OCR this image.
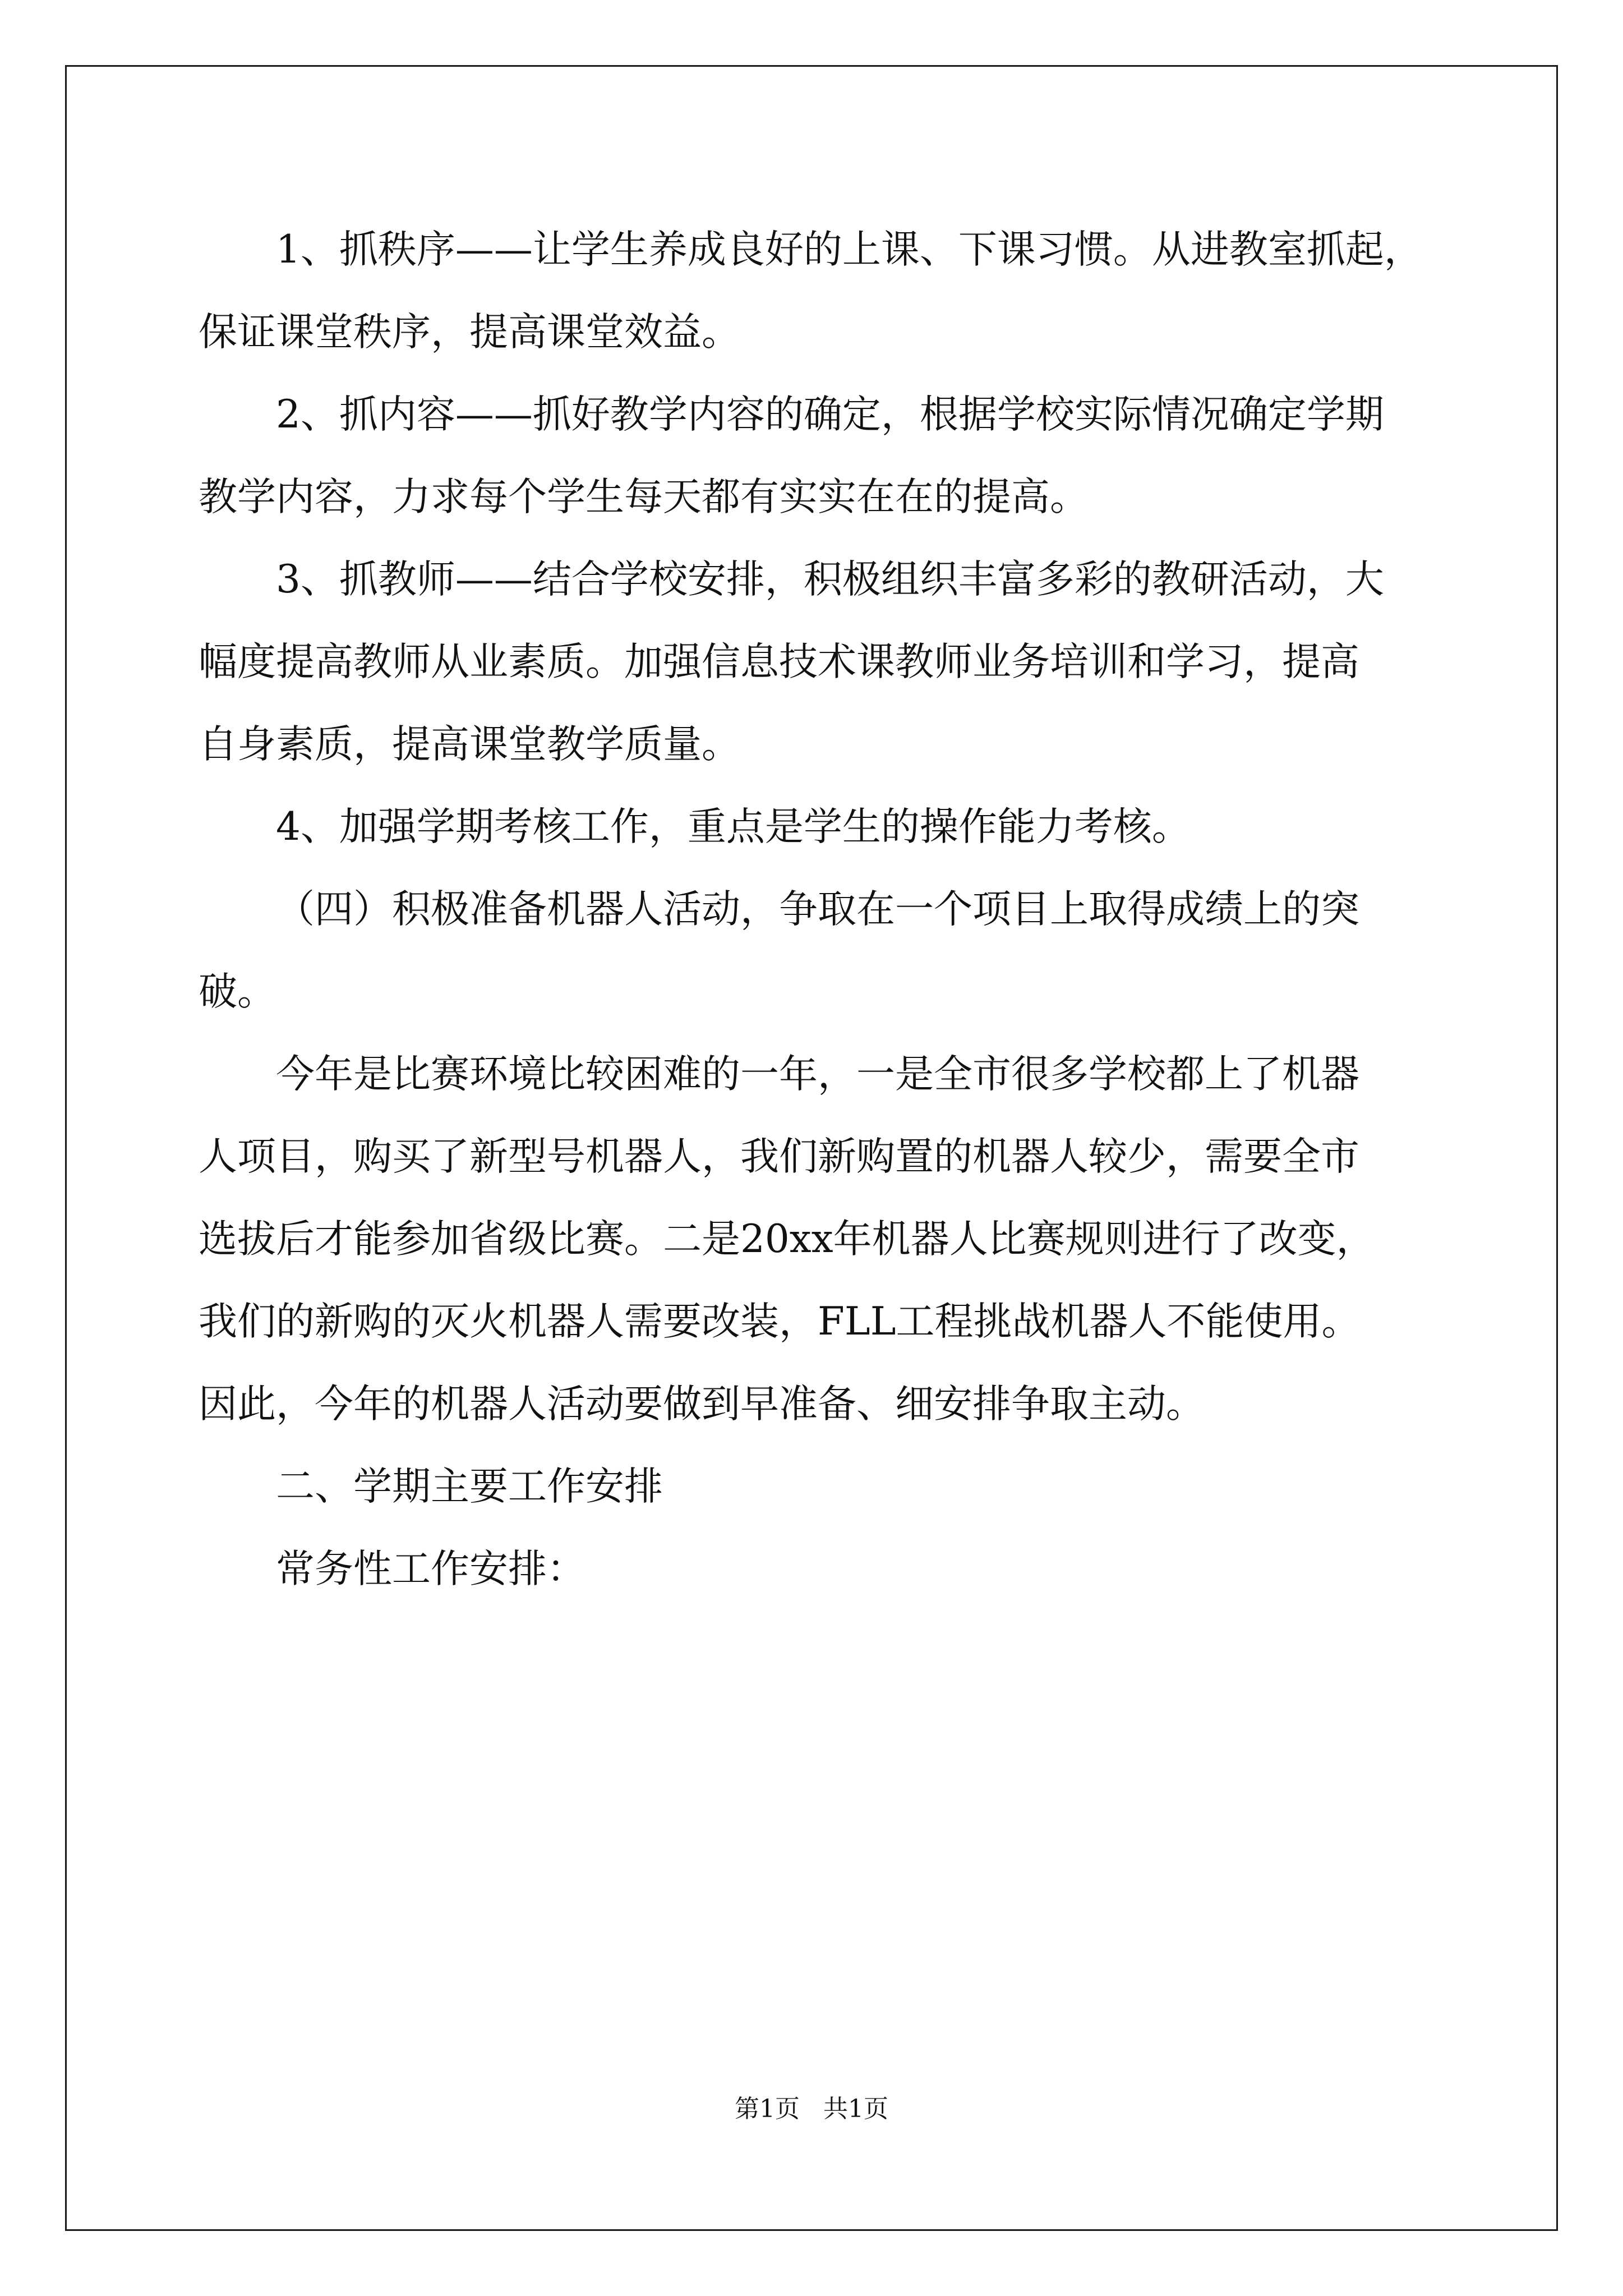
1、抓秩序——让学生养成良好的上课、下课习惯。从进教室抓起，
保证课堂秩序，提高课堂效益。

2、抓内容——抓好教学内容的确定，根据学校实际情况确定学期
教学内容，力求每个学生每天都有实实在在的提高。

3、抓教师——结合学校安排，积极组织丰富多彩的教研活动，大
幅度提高教师从业素质。加强信息技术课教师业务培训和学习，提高
自身素质，提高课堂教学质量。

4、加强学期考核工作，重点是学生的操作能力考核。

（四）积极准备机器人活动，争取在一个项目上取得成绩上的突
破。

今年是比赛环境比较困难的一年，一是全市很多学校都上了机器
人项目，购买了新型号机器人，我们新购置的机器人较少，需要全市
选拔后才能参加省级比赛。二是20xx年机器人比赛规则进行了改变，
我们的新购的灭火机器人需要改装，FLL工程挑战机器人不能使用。
因此，今年的机器人活动要做到早准备、细安排争取主动。

二、学期主要工作安排

常务性工作安排：

第1页 共1页
